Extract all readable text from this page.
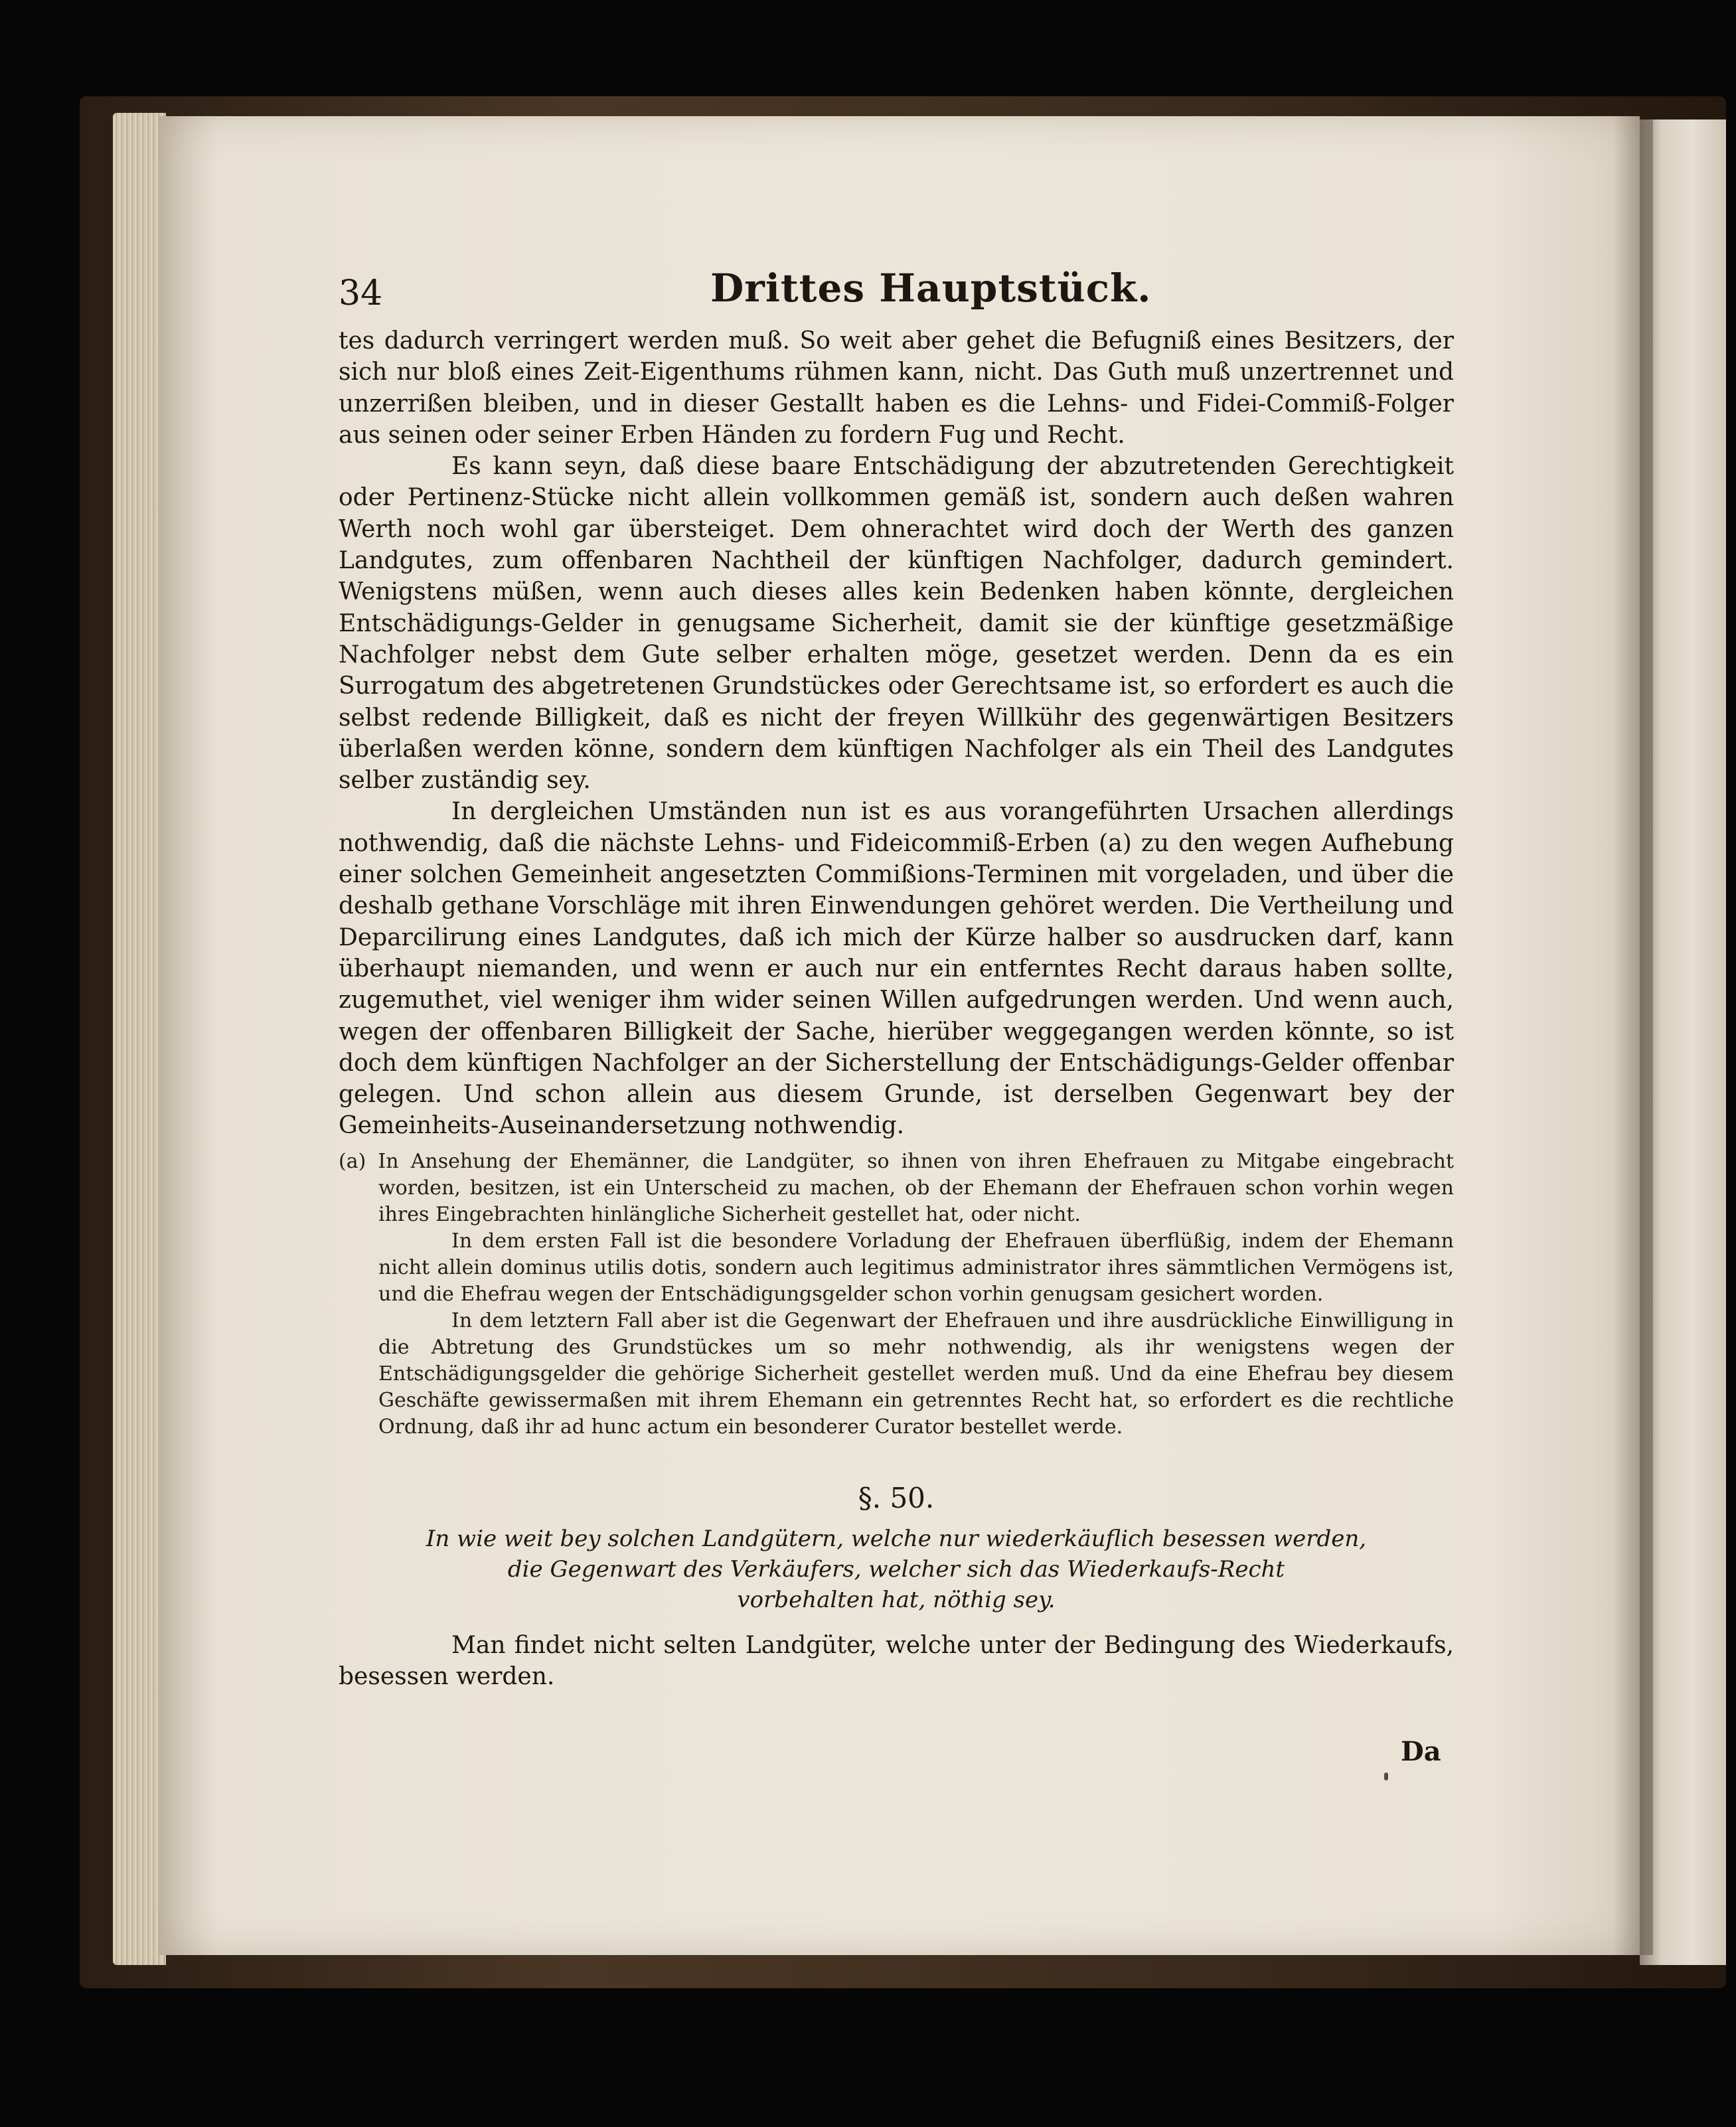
34	Drittes Hauptstück.

tes dadurch verringert werden muß. So weit aber gehet die Befugniß eines Besitzers, der sich nur bloß eines Zeit-Eigenthums rühmen kann, nicht. Das Guth muß unzertrennet und unzerrißen bleiben, und in dieser Gestallt haben es die Lehns- und Fidei-Commiß-Folger aus seinen oder seiner Erben Händen zu fordern Fug und Recht.

Es kann seyn, daß diese baare Entschädigung der abzutretenden Gerechtigkeit oder Pertinenz-Stücke nicht allein vollkommen gemäß ist, sondern auch deßen wahren Werth noch wohl gar übersteiget. Dem ohnerachtet wird doch der Werth des ganzen Landgutes, zum offenbaren Nachtheil der künftigen Nachfolger, dadurch gemindert. Wenigstens müßen, wenn auch dieses alles kein Bedenken haben könnte, dergleichen Entschädigungs-Gelder in genugsame Sicherheit, damit sie der künftige gesetzmäßige Nachfolger nebst dem Gute selber erhalten möge, gesetzet werden. Denn da es ein Surrogatum des abgetretenen Grundstückes oder Gerechtsame ist, so erfordert es auch die selbst redende Billigkeit, daß es nicht der freyen Willkühr des gegenwärtigen Besitzers überlaßen werden könne, sondern dem künftigen Nachfolger als ein Theil des Landgutes selber zuständig sey.

In dergleichen Umständen nun ist es aus vorangeführten Ursachen allerdings nothwendig, daß die nächste Lehns- und Fideicommiß-Erben (a) zu den wegen Aufhebung einer solchen Gemeinheit angesetzten Commißions-Terminen mit vorgeladen, und über die deshalb gethane Vorschläge mit ihren Einwendungen gehöret werden. Die Vertheilung und Deparcilirung eines Landgutes, daß ich mich der Kürze halber so ausdrucken darf, kann überhaupt niemanden, und wenn er auch nur ein entferntes Recht daraus haben sollte, zugemuthet, viel weniger ihm wider seinen Willen aufgedrungen werden. Und wenn auch, wegen der offenbaren Billigkeit der Sache, hierüber weggegangen werden könnte, so ist doch dem künftigen Nachfolger an der Sicherstellung der Entschädigungs-Gelder offenbar gelegen. Und schon allein aus diesem Grunde, ist derselben Gegenwart bey der Gemeinheits-Auseinandersetzung nothwendig.

(a) In Ansehung der Ehemänner, die Landgüter, so ihnen von ihren Ehefrauen zu Mitgabe eingebracht worden, besitzen, ist ein Unterscheid zu machen, ob der Ehemann der Ehefrauen schon vorhin wegen ihres Eingebrachten hinlängliche Sicherheit gestellet hat, oder nicht.

In dem ersten Fall ist die besondere Vorladung der Ehefrauen überflüßig, indem der Ehemann nicht allein dominus utilis dotis, sondern auch legitimus administrator ihres sämmtlichen Vermögens ist, und die Ehefrau wegen der Entschädigungsgelder schon vorhin genugsam gesichert worden.

In dem letztern Fall aber ist die Gegenwart der Ehefrauen und ihre ausdrückliche Einwilligung in die Abtretung des Grundstückes um so mehr nothwendig, als ihr wenigstens wegen der Entschädigungsgelder die gehörige Sicherheit gestellet werden muß. Und da eine Ehefrau bey diesem Geschäfte gewissermaßen mit ihrem Ehemann ein getrenntes Recht hat, so erfordert es die rechtliche Ordnung, daß ihr ad hunc actum ein besonderer Curator bestellet werde.

§. 50.
In wie weit bey solchen Landgütern, welche nur wiederkäuflich besessen werden,
die Gegenwart des Verkäufers, welcher sich das Wiederkaufs-Recht
vorbehalten hat, nöthig sey.

Man findet nicht selten Landgüter, welche unter der Bedingung des Wiederkaufs, besessen werden.

Da
